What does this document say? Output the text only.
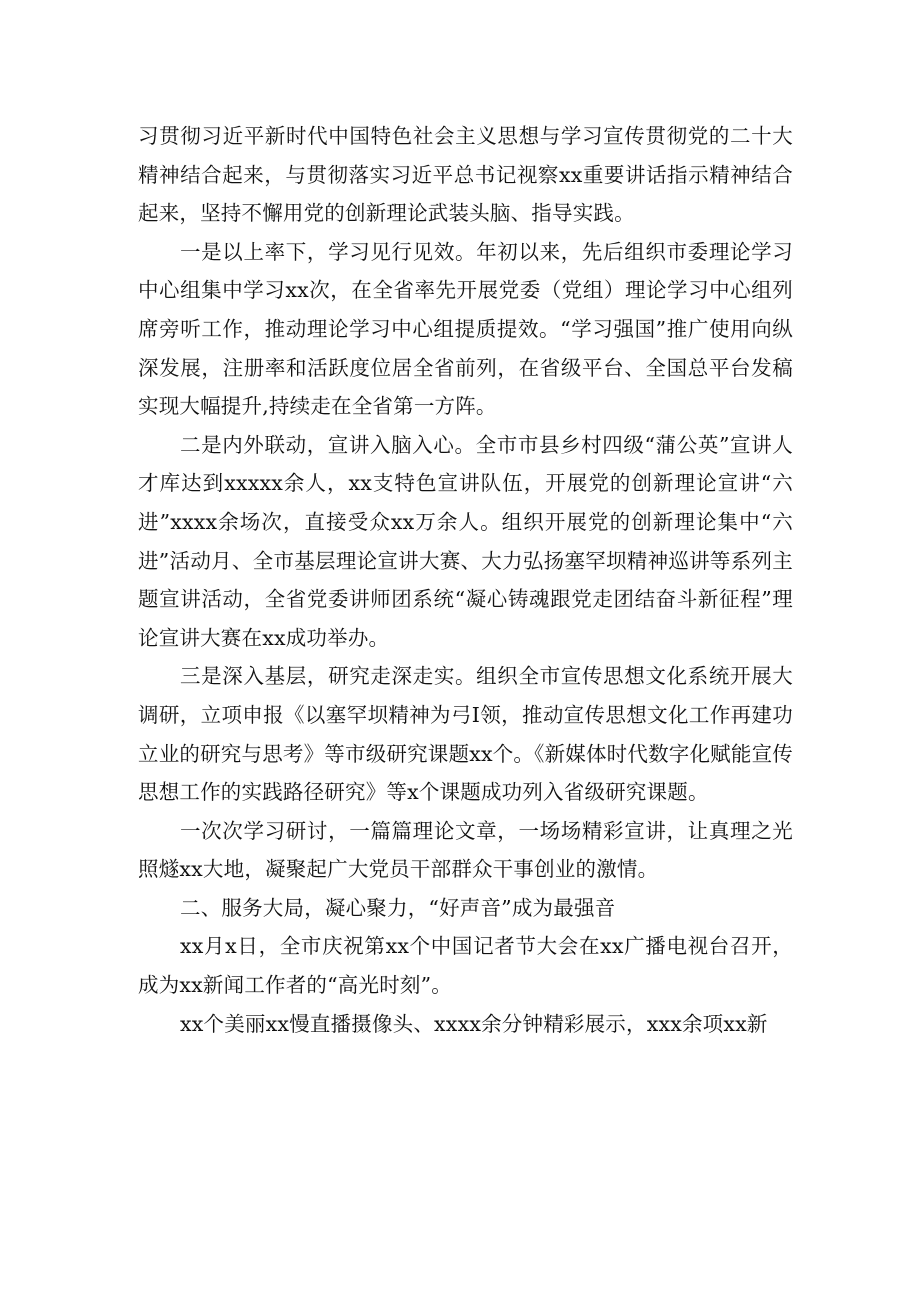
习贯彻习近平新时代中国特色社会主义思想与学习宣传贯彻党的二十大精神结合起来，与贯彻落实习近平总书记视察xx重要讲话指示精神结合起来，坚持不懈用党的创新理论武装头脑、指导实践。

一是以上率下，学习见行见效。年初以来，先后组织市委理论学习中心组集中学习xx次，在全省率先开展党委（党组）理论学习中心组列席旁听工作，推动理论学习中心组提质提效。“学习强国”推广使用向纵深发展，注册率和活跃度位居全省前列，在省级平台、全国总平台发稿实现大幅提升,持续走在全省第一方阵。

二是内外联动，宣讲入脑入心。全市市县乡村四级“蒲公英”宣讲人才库达到xxxxx余人，xx支特色宣讲队伍，开展党的创新理论宣讲“六进”xxxx余场次，直接受众xx万余人。组织开展党的创新理论集中“六进”活动月、全市基层理论宣讲大赛、大力弘扬塞罕坝精神巡讲等系列主题宣讲活动，全省党委讲师团系统“凝心铸魂跟党走团结奋斗新征程”理论宣讲大赛在xx成功举办。

三是深入基层，研究走深走实。组织全市宣传思想文化系统开展大调研，立项申报《以塞罕坝精神为弓I领，推动宣传思想文化工作再建功立业的研究与思考》等市级研究课题xx个。《新媒体时代数字化赋能宣传思想工作的实践路径研究》等x个课题成功列入省级研究课题。

一次次学习研讨，一篇篇理论文章，一场场精彩宣讲，让真理之光照燧xx大地，凝聚起广大党员干部群众干事创业的激情。

二、服务大局，凝心聚力，“好声音”成为最强音

xx月x日，全市庆祝第xx个中国记者节大会在xx广播电视台召开，成为xx新闻工作者的“高光时刻”。

xx个美丽xx慢直播摄像头、xxxx余分钟精彩展示，xxx余项xx新
